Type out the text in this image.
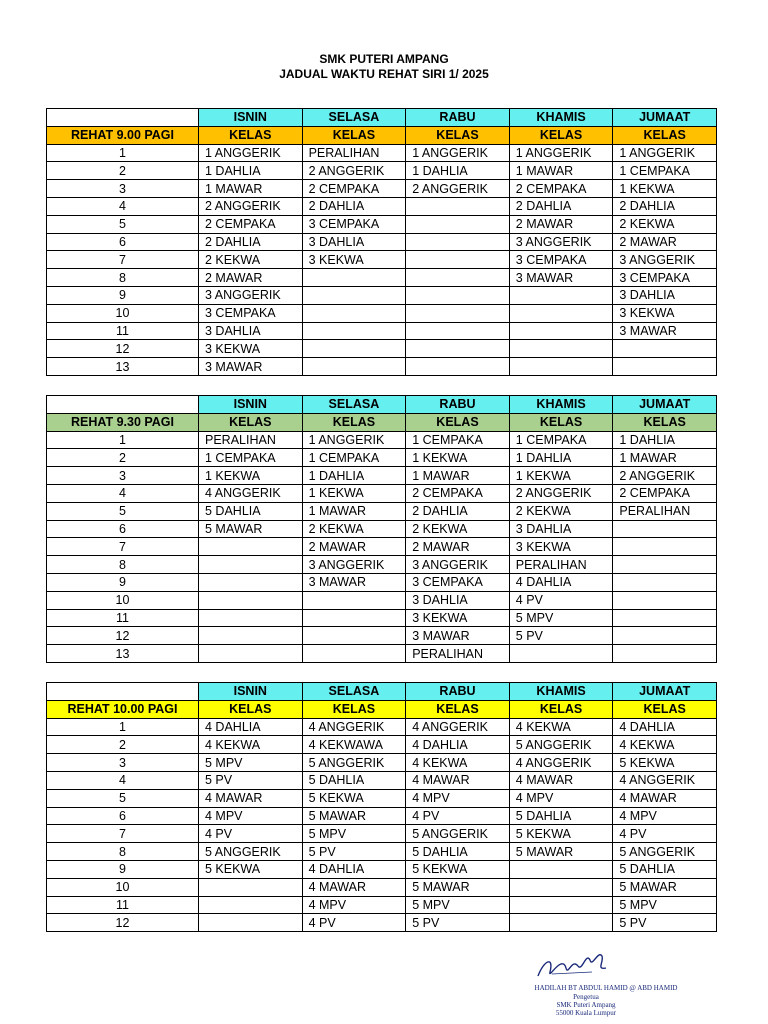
SMK PUTERI AMPANG
JADUAL WAKTU REHAT SIRI 1/ 2025
	ISNIN	SELASA	RABU	KHAMIS	JUMAAT
REHAT 9.00 PAGI	KELAS	KELAS	KELAS	KELAS	KELAS
1	1 ANGGERIK	PERALIHAN	1 ANGGERIK	1 ANGGERIK	1 ANGGERIK
2	1 DAHLIA	2 ANGGERIK	1 DAHLIA	1 MAWAR	1 CEMPAKA
3	1 MAWAR	2 CEMPAKA	2 ANGGERIK	2 CEMPAKA	1 KEKWA
4	2 ANGGERIK	2 DAHLIA		2 DAHLIA	2 DAHLIA
5	2 CEMPAKA	3 CEMPAKA		2 MAWAR	2 KEKWA
6	2 DAHLIA	3 DAHLIA		3 ANGGERIK	2 MAWAR
7	2 KEKWA	3 KEKWA		3 CEMPAKA	3 ANGGERIK
8	2 MAWAR			3 MAWAR	3 CEMPAKA
9	3 ANGGERIK				3 DAHLIA
10	3 CEMPAKA				3 KEKWA
11	3 DAHLIA				3 MAWAR
12	3 KEKWA				
13	3 MAWAR				
	ISNIN	SELASA	RABU	KHAMIS	JUMAAT
REHAT 9.30 PAGI	KELAS	KELAS	KELAS	KELAS	KELAS
1	PERALIHAN	1 ANGGERIK	1 CEMPAKA	1 CEMPAKA	1 DAHLIA
2	1 CEMPAKA	1 CEMPAKA	1 KEKWA	1 DAHLIA	1 MAWAR
3	1 KEKWA	1 DAHLIA	1 MAWAR	1 KEKWA	2 ANGGERIK
4	4 ANGGERIK	1 KEKWA	2 CEMPAKA	2 ANGGERIK	2 CEMPAKA
5	5 DAHLIA	1 MAWAR	2 DAHLIA	2 KEKWA	PERALIHAN
6	5 MAWAR	2 KEKWA	2 KEKWA	3 DAHLIA	
7		2 MAWAR	2 MAWAR	3 KEKWA	
8		3 ANGGERIK	3 ANGGERIK	PERALIHAN	
9		3 MAWAR	3 CEMPAKA	4 DAHLIA	
10			3 DAHLIA	4 PV	
11			3 KEKWA	5 MPV	
12			3 MAWAR	5 PV	
13			PERALIHAN		
	ISNIN	SELASA	RABU	KHAMIS	JUMAAT
REHAT 10.00 PAGI	KELAS	KELAS	KELAS	KELAS	KELAS
1	4 DAHLIA	4 ANGGERIK	4 ANGGERIK	4 KEKWA	4 DAHLIA
2	4 KEKWA	4 KEKWAWA	4 DAHLIA	5 ANGGERIK	4 KEKWA
3	5 MPV	5 ANGGERIK	4 KEKWA	4 ANGGERIK	5 KEKWA
4	5 PV	5 DAHLIA	4 MAWAR	4 MAWAR	4 ANGGERIK
5	4 MAWAR	5 KEKWA	4 MPV	4 MPV	4 MAWAR
6	4 MPV	5 MAWAR	4 PV	5 DAHLIA	4 MPV
7	4 PV	5 MPV	5 ANGGERIK	5 KEKWA	4 PV
8	5 ANGGERIK	5 PV	5 DAHLIA	5 MAWAR	5 ANGGERIK
9	5 KEKWA	4 DAHLIA	5 KEKWA		5 DAHLIA
10		4 MAWAR	5 MAWAR		5 MAWAR
11		4 MPV	5 MPV		5 MPV
12		4 PV	5 PV		5 PV
HADILAH BT ABDUL HAMID @ ABD HAMID
Pengetua
SMK Puteri Ampang
55000 Kuala Lumpur
